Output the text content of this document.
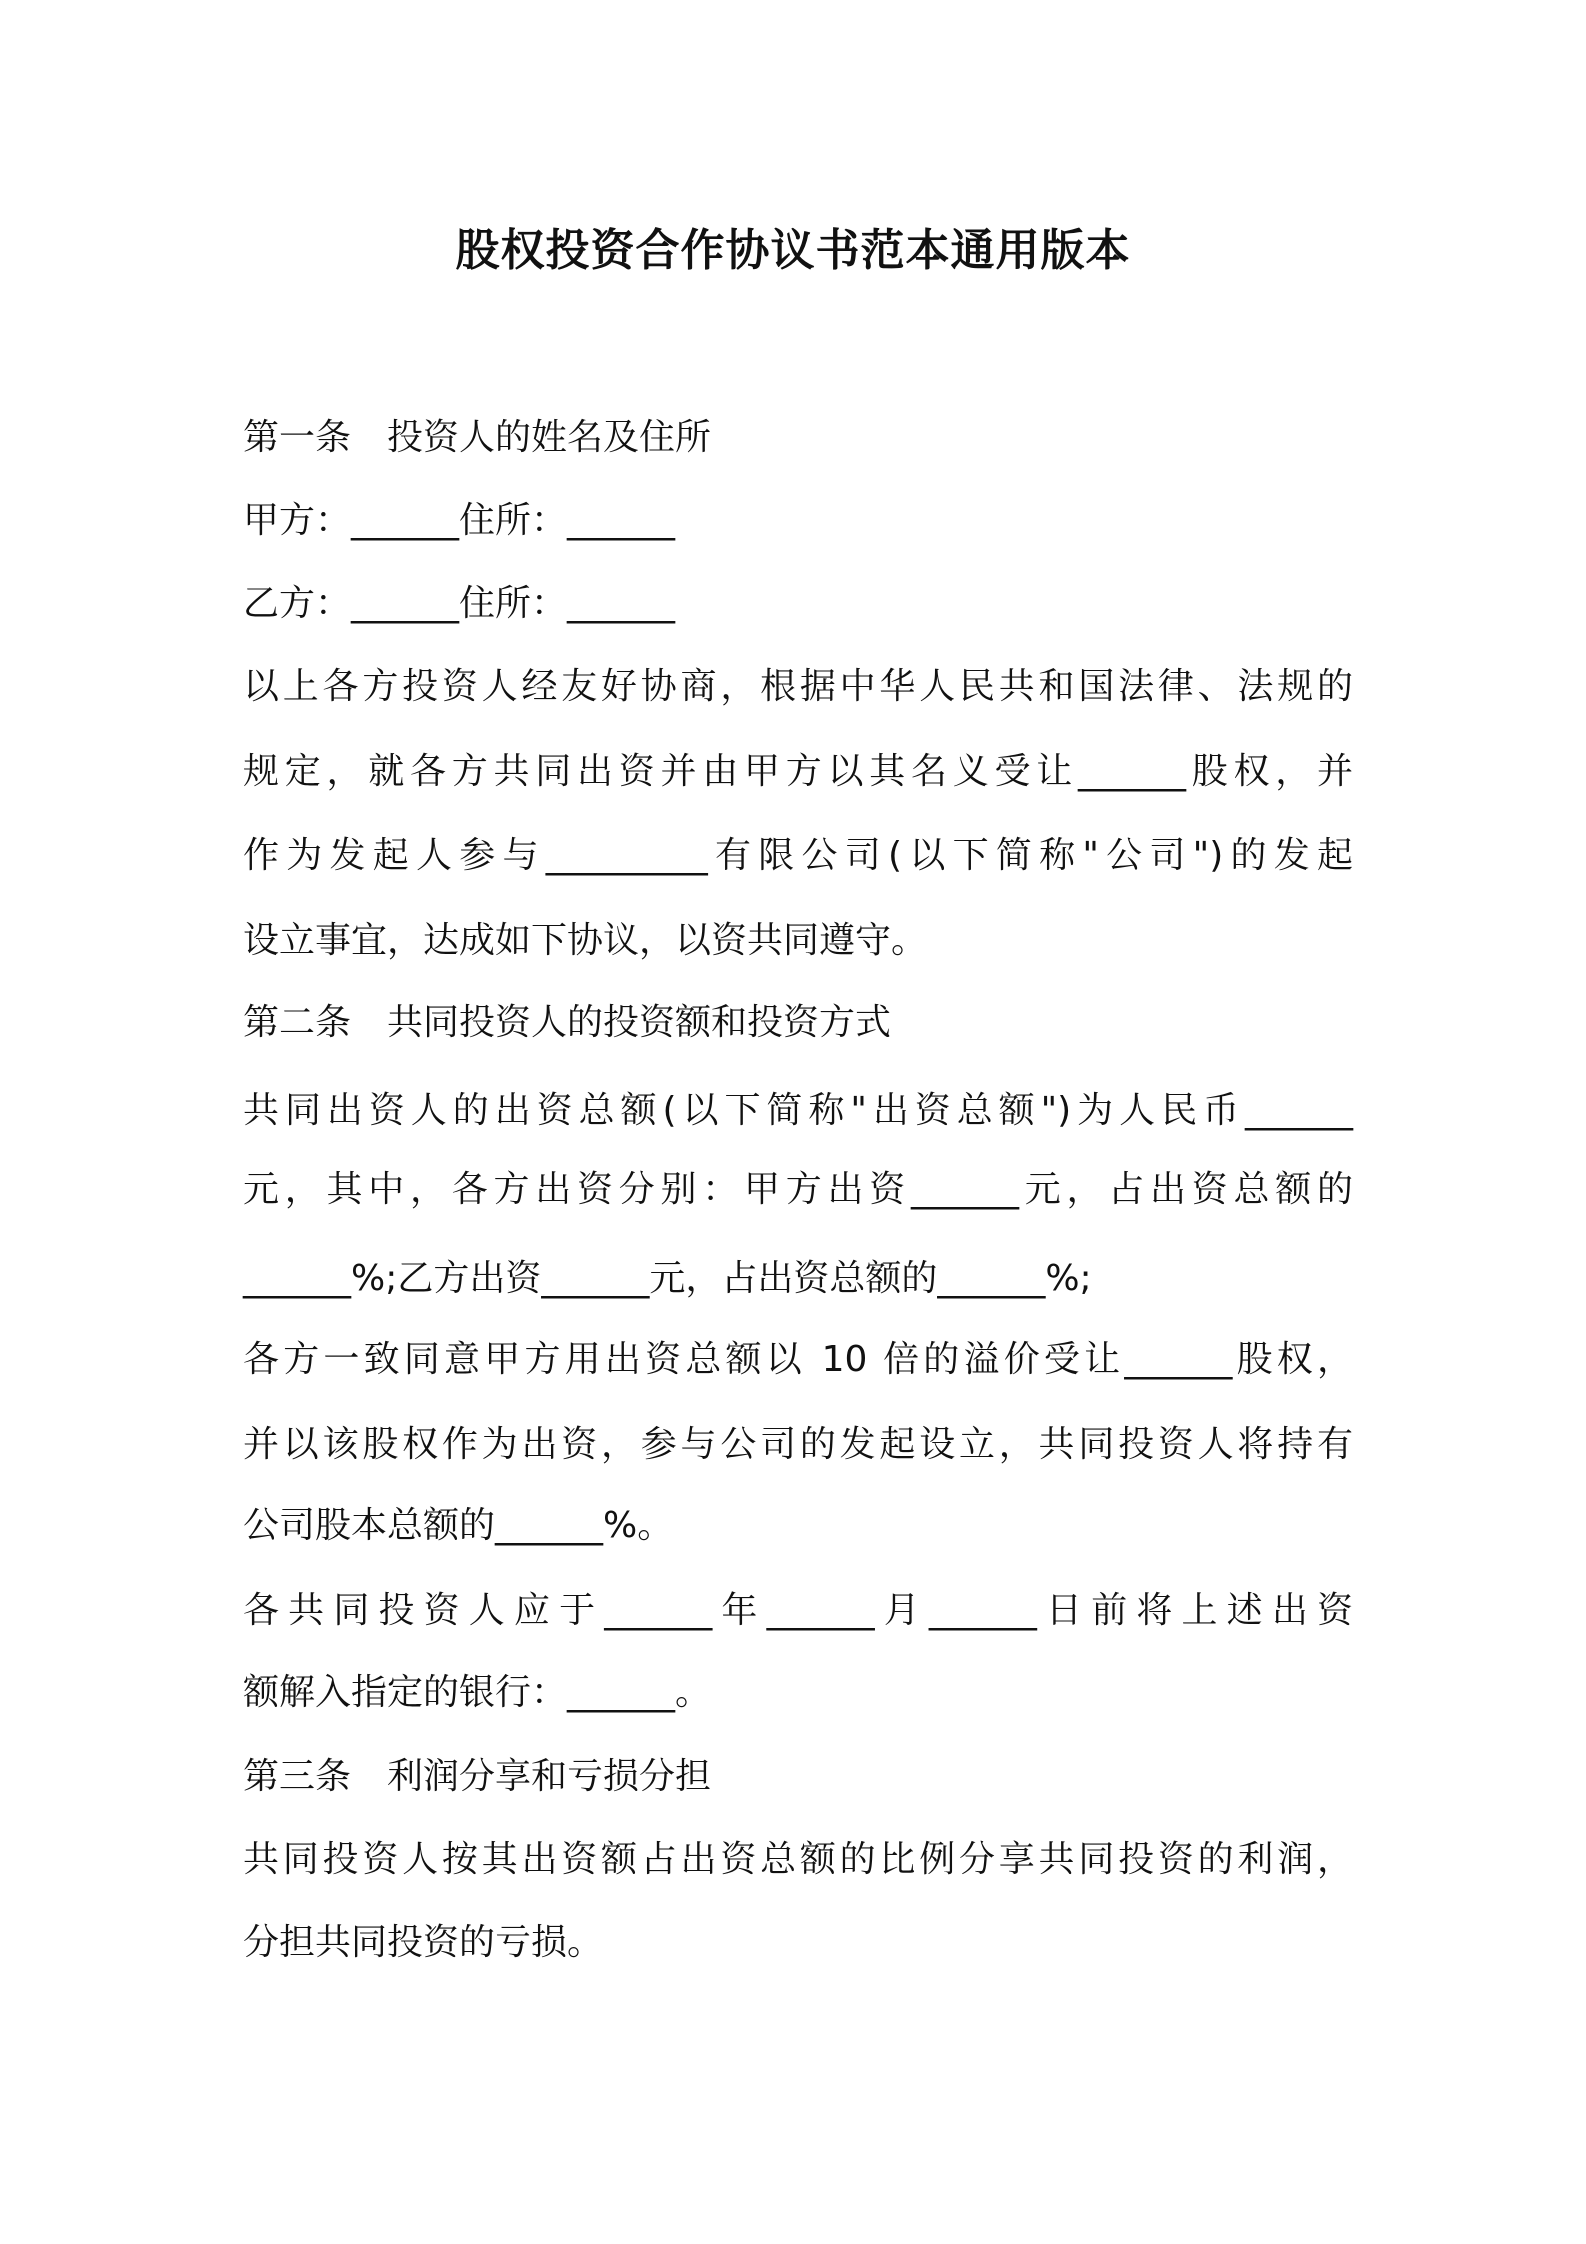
股权投资合作协议书范本通用版本
第一条　投资人的姓名及住所
甲方：______住所：______
乙方：______住所：______
以上各方投资人经友好协商，根据中华人民共和国法律、法规的
规定，就各方共同出资并由甲方以其名义受让______股权，并
作为发起人参与_________有限公司(以下简称"公司")的发起
设立事宜，达成如下协议，以资共同遵守。
第二条　共同投资人的投资额和投资方式
共同出资人的出资总额(以下简称"出资总额")为人民币______
元，其中，各方出资分别：甲方出资______元，占出资总额的
______%;乙方出资______元，占出资总额的______%;
各方一致同意甲方用出资总额以 10 倍的溢价受让______股权，
并以该股权作为出资，参与公司的发起设立，共同投资人将持有
公司股本总额的______%。
各共同投资人应于______年______月______日前将上述出资
额解入指定的银行：______。
第三条　利润分享和亏损分担
共同投资人按其出资额占出资总额的比例分享共同投资的利润，
分担共同投资的亏损。
